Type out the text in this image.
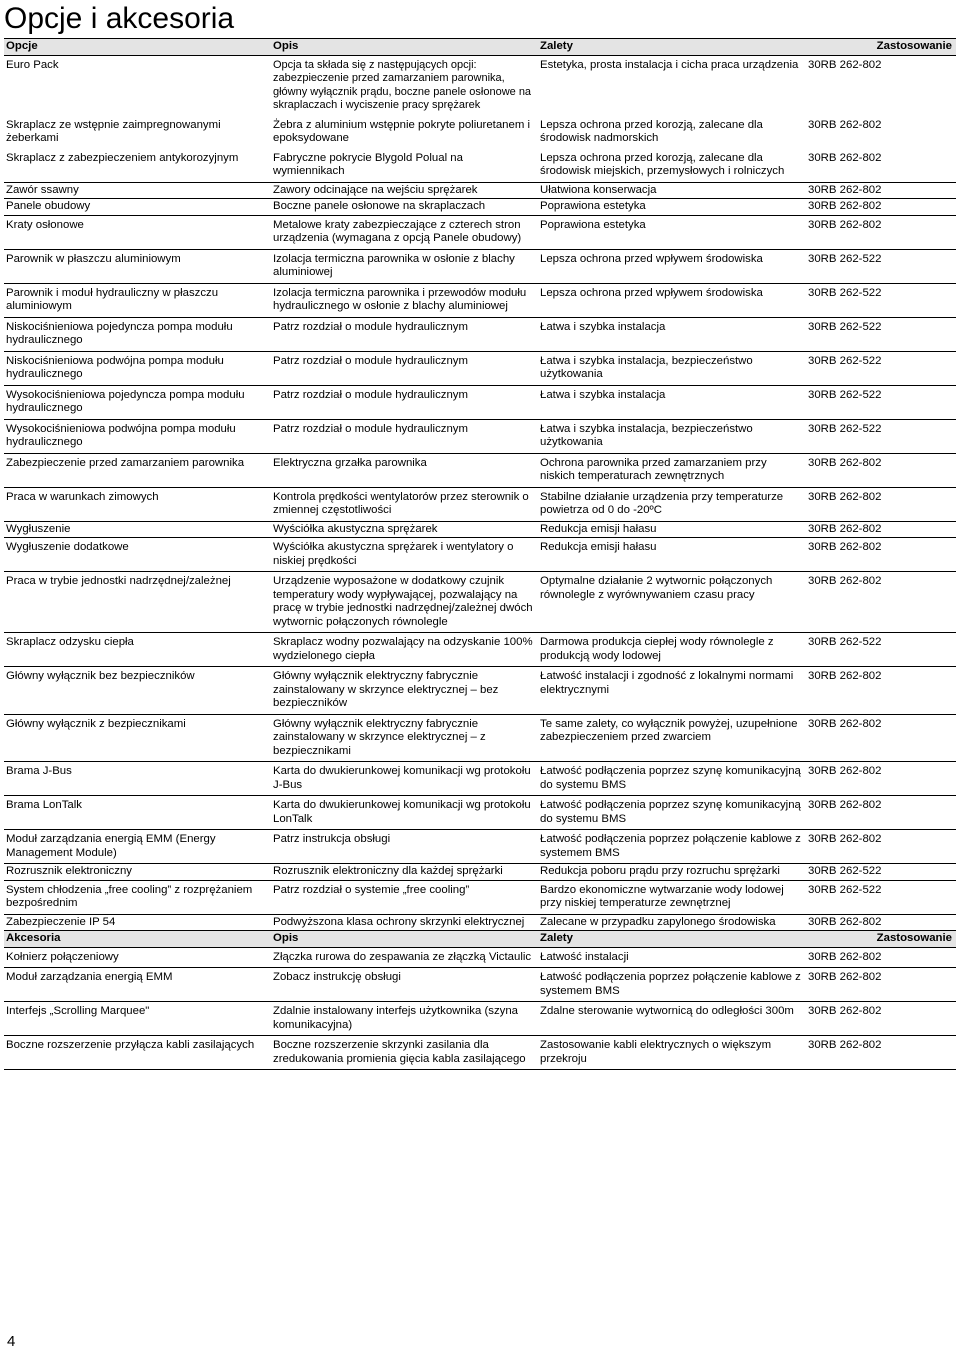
Opcje i akcesoria
Opcje	Opis	Zalety	Zastosowanie
Euro Pack	Opcja ta składa się z następujących opcji: zabezpieczenie przed zamarzaniem parownika, główny wyłącznik prądu, boczne panele osłonowe na skraplaczach i wyciszenie pracy sprężarek	Estetyka, prosta instalacja i cicha praca urządzenia	30RB 262-802
Skraplacz ze wstępnie zaimpregnowanymi żeberkami	Żebra z aluminium wstępnie pokryte poliuretanem i epoksydowane	Lepsza ochrona przed korozją, zalecane dla środowisk nadmorskich	30RB 262-802
Skraplacz z zabezpieczeniem antykorozyjnym	Fabryczne pokrycie Blygold Polual na wymiennikach	Lepsza ochrona przed korozją, zalecane dla środowisk miejskich, przemysłowych i rolniczych	30RB 262-802
Zawór ssawny	Zawory odcinające na wejściu sprężarek	Ułatwiona konserwacja	30RB 262-802
Panele obudowy	Boczne panele osłonowe na skraplaczach	Poprawiona estetyka	30RB 262-802
Kraty osłonowe	Metalowe kraty zabezpieczające z czterech stron urządzenia (wymagana z opcją Panele obudowy)	Poprawiona estetyka	30RB 262-802
Parownik w płaszczu aluminiowym	Izolacja termiczna parownika w osłonie z blachy aluminiowej	Lepsza ochrona przed wpływem środowiska	30RB 262-522
Parownik i moduł hydrauliczny w płaszczu aluminiowym	Izolacja termiczna parownika i przewodów modułu hydraulicznego w osłonie z blachy aluminiowej	Lepsza ochrona przed wpływem środowiska	30RB 262-522
Niskociśnieniowa pojedyncza pompa modułu hydraulicznego	Patrz rozdział o module hydraulicznym	Łatwa i szybka instalacja	30RB 262-522
Niskociśnieniowa podwójna pompa modułu hydraulicznego	Patrz rozdział o module hydraulicznym	Łatwa i szybka instalacja, bezpieczeństwo użytkowania	30RB 262-522
Wysokociśnieniowa pojedyncza pompa modułu hydraulicznego	Patrz rozdział o module hydraulicznym	Łatwa i szybka instalacja	30RB 262-522
Wysokociśnieniowa podwójna pompa modułu hydraulicznego	Patrz rozdział o module hydraulicznym	Łatwa i szybka instalacja, bezpieczeństwo użytkowania	30RB 262-522
Zabezpieczenie przed zamarzaniem parownika	Elektryczna grzałka parownika	Ochrona parownika przed zamarzaniem przy niskich temperaturach zewnętrznych	30RB 262-802
Praca w warunkach zimowych	Kontrola prędkości wentylatorów przez sterownik o zmiennej częstotliwości	Stabilne działanie urządzenia przy temperaturze powietrza od 0 do -20ºC	30RB 262-802
Wygłuszenie	Wyściółka akustyczna sprężarek	Redukcja emisji hałasu	30RB 262-802
Wygłuszenie dodatkowe	Wyściółka akustyczna sprężarek i wentylatory o niskiej prędkości	Redukcja emisji hałasu	30RB 262-802
Praca w trybie jednostki nadrzędnej/zależnej	Urządzenie wyposażone w dodatkowy czujnik temperatury wody wypływającej, pozwalający na pracę w trybie jednostki nadrzędnej/zależnej dwóch wytwornic połączonych równolegle	Optymalne działanie 2 wytwornic połączonych równolegle z wyrównywaniem czasu pracy	30RB 262-802
Skraplacz odzysku ciepła	Skraplacz wodny pozwalający na odzyskanie 100% wydzielonego ciepła	Darmowa produkcja ciepłej wody równolegle z produkcją wody lodowej	30RB 262-522
Główny wyłącznik bez bezpieczników	Główny wyłącznik elektryczny fabrycznie zainstalowany w skrzynce elektrycznej – bez bezpieczników	Łatwość instalacji i zgodność z lokalnymi normami elektrycznymi	30RB 262-802
Główny wyłącznik z bezpiecznikami	Główny wyłącznik elektryczny fabrycznie zainstalowany w skrzynce elektrycznej – z bezpiecznikami	Te same zalety, co wyłącznik powyżej, uzupełnione zabezpieczeniem przed zwarciem	30RB 262-802
Brama J-Bus	Karta do dwukierunkowej komunikacji wg protokołu J-Bus	Łatwość podłączenia poprzez szynę komunikacyjną do systemu BMS	30RB 262-802
Brama LonTalk	Karta do dwukierunkowej komunikacji wg protokołu LonTalk	Łatwość podłączenia poprzez szynę komunikacyjną do systemu BMS	30RB 262-802
Moduł zarządzania energią EMM (Energy Management Module)	Patrz instrukcja obsługi	Łatwość podłączenia poprzez połączenie kablowe z systemem BMS	30RB 262-802
Rozrusznik elektroniczny	Rozrusznik elektroniczny dla każdej sprężarki	Redukcja poboru prądu przy rozruchu sprężarki	30RB 262-522
System chłodzenia „free cooling” z rozprężaniem bezpośrednim	Patrz rozdział o systemie „free cooling”	Bardzo ekonomiczne wytwarzanie wody lodowej przy niskiej temperaturze zewnętrznej	30RB 262-522
Zabezpieczenie IP 54	Podwyższona klasa ochrony skrzynki elektrycznej	Zalecane w przypadku zapylonego środowiska	30RB 262-802
Akcesoria	Opis	Zalety	Zastosowanie
Kołnierz połączeniowy	Złączka rurowa do zespawania ze złączką Victaulic	Łatwość instalacji	30RB 262-802
Moduł zarządzania energią EMM	Zobacz instrukcję obsługi	Łatwość podłączenia poprzez połączenie kablowe z systemem BMS	30RB 262-802
Interfejs „Scrolling Marquee"	Zdalnie instalowany interfejs użytkownika (szyna komunikacyjna)	Zdalne sterowanie wytwornicą do odległości 300m	30RB 262-802
Boczne rozszerzenie przyłącza kabli zasilających	Boczne rozszerzenie skrzynki zasilania dla zredukowania promienia gięcia kabla zasilającego	Zastosowanie kabli elektrycznych o większym przekroju	30RB 262-802
4
